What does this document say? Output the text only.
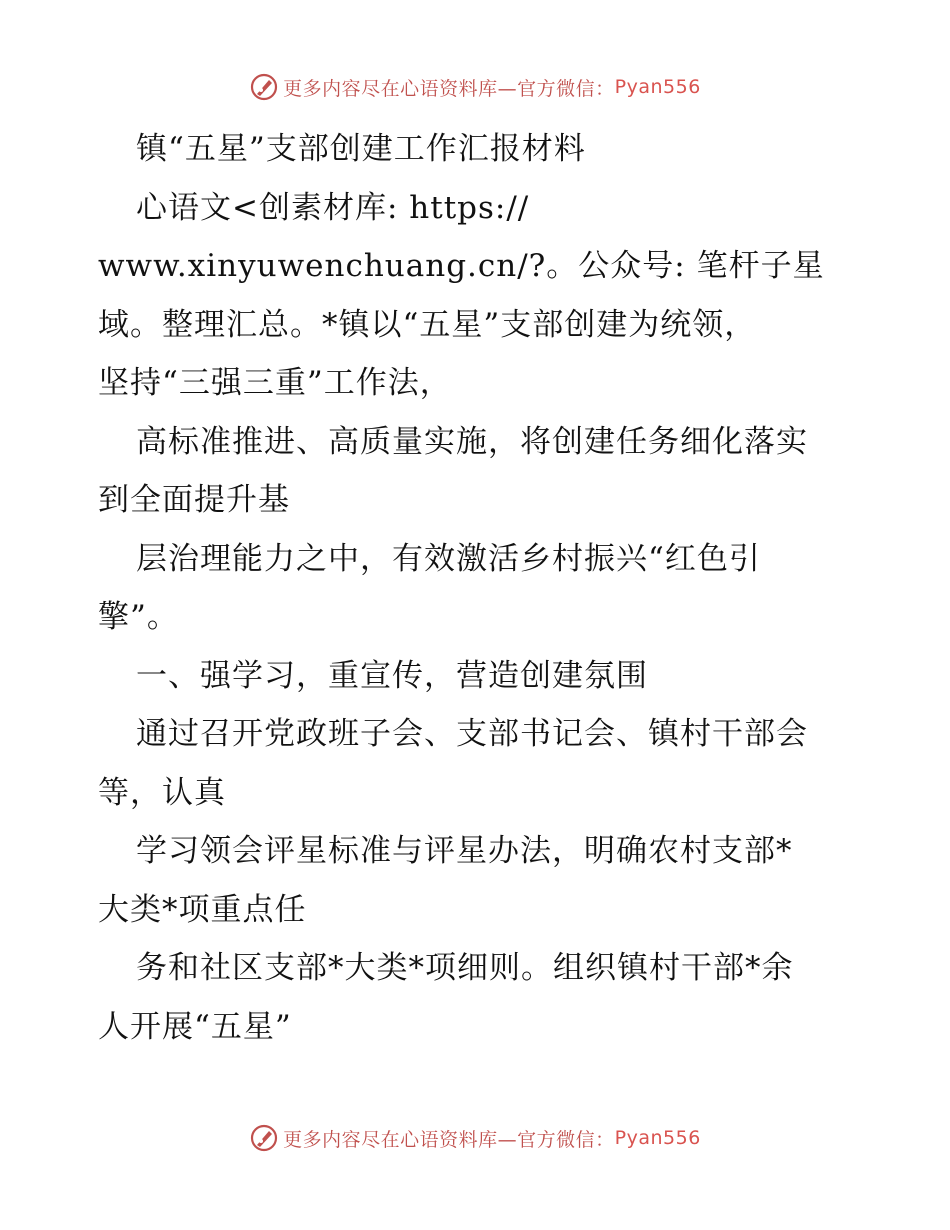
更多内容尽在心语资料库—官方微信： Pyan556
镇“五星”支部创建工作汇报材料
心语文<创素材库: https://
www.xinyuwenchuang.cn/?。公众号: 笔杆子星
域。整理汇总。*镇以“五星”支部创建为统领，
坚持“三强三重”工作法，
高标准推进、高质量实施，将创建任务细化落实
到全面提升基
层治理能力之中，有效激活乡村振兴“红色引
擎”。
一、强学习，重宣传，营造创建氛围
通过召开党政班子会、支部书记会、镇村干部会
等，认真
学习领会评星标准与评星办法，明确农村支部*
大类*项重点任
务和社区支部*大类*项细则。组织镇村干部*余
人开展“五星”
更多内容尽在心语资料库—官方微信： Pyan556
